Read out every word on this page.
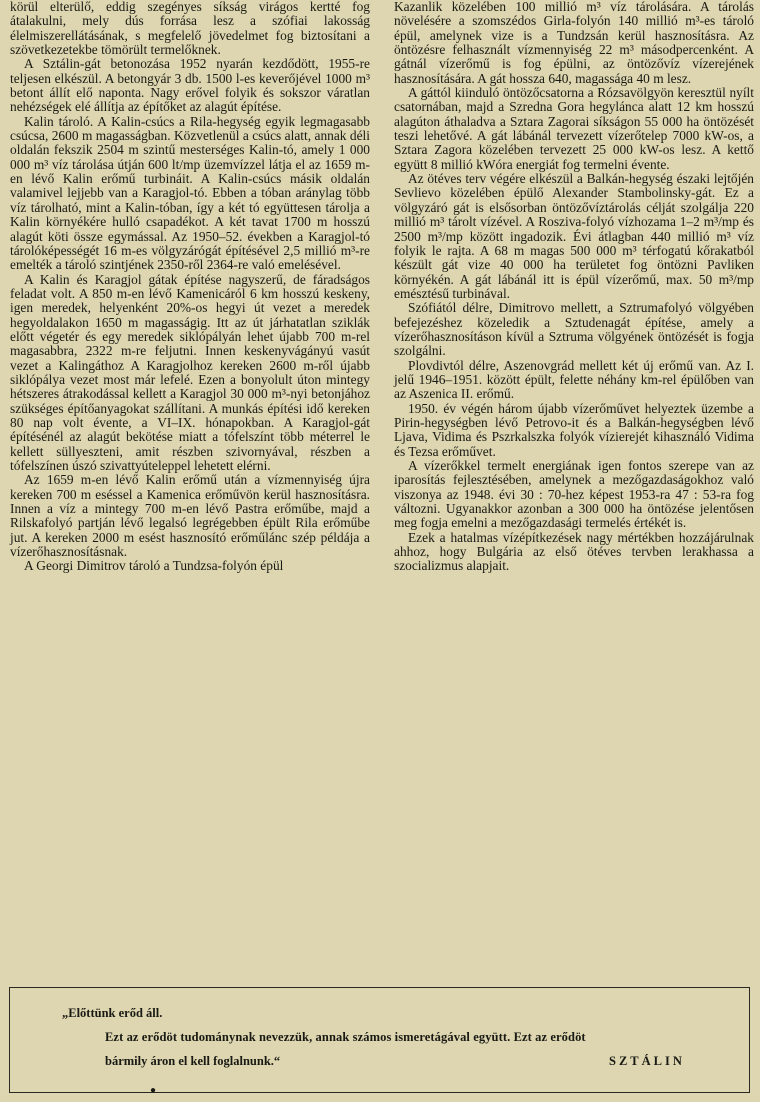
körül elterülő, eddig szegényes síkság virágos kertté fog átalakulni, mely dús forrása lesz a szófiai lakosság élelmiszerellátásának, s megfelelő jövedelmet fog biztosítani a szövetkezetekbe tömörült termelőknek.

A Sztálin-gát betonozása 1952 nyarán kezdődött, 1955-re teljesen elkészül. A betongyár 3 db. 1500 l-es keverőjével 1000 m³ betont állít elő naponta. Nagy erővel folyik és sokszor váratlan nehézségek elé állítja az építőket az alagút építése.

Kalin tároló. A Kalin-csúcs a Rila-hegység egyik legmagasabb csúcsa, 2600 m magasságban. Közvetlenül a csúcs alatt, annak déli oldalán fekszik 2504 m szintű mesterséges Kalin-tó, amely 1 000 000 m³ víz tárolása útján 600 lt/mp üzemvízzel látja el az 1659 m-en lévő Kalin erőmű turbináit. A Kalin-csúcs másik oldalán valamivel lejjebb van a Karagjol-tó. Ebben a tóban aránylag több víz tárolható, mint a Kalin-tóban, így a két tó együttesen tárolja a Kalin környékére hulló csapadékot. A két tavat 1700 m hosszú alagút köti össze egymással. Az 1950–52. években a Karagjol-tó tárolóképességét 16 m-es völgyzárógát építésével 2,5 millió m³-re emelték a tároló szintjének 2350-ről 2364-re való emelésével.

A Kalin és Karagjol gátak építése nagyszerű, de fáradságos feladat volt. A 850 m-en lévő Kamenicáról 6 km hosszú keskeny, igen meredek, helyenként 20%-os hegyi út vezet a meredek hegyoldalakon 1650 m magasságig. Itt az út járhatatlan sziklák előtt végetér és egy meredek siklópályán lehet újabb 700 m-rel magasabbra, 2322 m-re feljutni. Innen keskenyvágányú vasút vezet a Kalingáthoz A Karagjolhoz kereken 2600 m-ről újabb siklópálya vezet most már lefelé. Ezen a bonyolult úton mintegy hétszeres átrakodással kellett a Karagjol 30 000 m³-nyi betonjához szükséges építőanyagokat szállítani. A munkás építési idő kereken 80 nap volt évente, a VI–IX. hónapokban. A Karagjol-gát építésénél az alagút bekötése miatt a tófelszínt több méterrel le kellett süllyeszteni, amit részben szivornyával, részben a tófelszínen úszó szivattyúteleppel lehetett elérni.

Az 1659 m-en lévő Kalin erőmű után a vízmennyiség újra kereken 700 m eséssel a Kamenica erőművön kerül hasznosításra. Innen a víz a mintegy 700 m-en lévő Pastra erőműbe, majd a Rilskafolyó partján lévő legalsó legrégebben épült Rila erőműbe jut. A kereken 2000 m esést hasznosító erőműlánc szép példája a vízerőhasznosításnak.

A Georgi Dimitrov tároló a Tundzsa-folyón épül

Kazanlik közelében 100 millió m³ víz tárolására. A tárolás növelésére a szomszédos Girla-folyón 140 millió m³-es tároló épül, amelynek vize is a Tundzsán kerül hasznosításra. Az öntözésre felhasznált vízmennyiség 22 m³ másodpercenként. A gátnál vízerőmű is fog épülni, az öntözővíz vízerejének hasznosítására. A gát hossza 640, magassága 40 m lesz.

A gáttól kiinduló öntözőcsatorna a Rózsavölgyön keresztül nyílt csatornában, majd a Szredna Gora hegyláncа alatt 12 km hosszú alagúton áthaladva a Sztara Zagorai síkságon 55 000 ha öntözését teszi lehetővé. A gát lábánál tervezett vízerőtelep 7000 kW-os, a Sztara Zagora közelében tervezett 25 000 kW-os lesz. A kettő együtt 8 millió kWóra energiát fog termelni évente.

Az ötéves terv végére elkészül a Balkán-hegység északi lejtőjén Sevlievo közelében épülő Alexander Stambolinsky-gát. Ez a völgyzáró gát is elsősorban öntözővíztárolás célját szolgálja 220 millió m³ tárolt vízével. A Rosziva-folyó vízhozama 1–2 m³/mp és 2500 m³/mp között ingadozik. Évi átlagban 440 millió m³ víz folyik le rajta. A 68 m magas 500 000 m³ térfogatú kőrakatból készült gát vize 40 000 ha területet fog öntözni Pavliken környékén. A gát lábánál itt is épül vízerőmű, max. 50 m³/mp emésztésű turbinával.

Szófiától délre, Dimitrovo mellett, a Sztrumafolyó völgyében befejezéshez közeledik a Sztudenagát építése, amely a vízerőhasznosításon kívül a Sztruma völgyének öntözését is fogja szolgálni.

Plovdivtól délre, Aszenovgrád mellett két új erőmű van. Az I. jelű 1946–1951. között épült, felette néhány km-rel épülőben van az Aszenica II. erőmű.

1950. év végén három újabb vízerőművet helyeztek üzembe a Pirin-hegységben lévő Petrovo-it és a Balkán-hegységben lévő Ljava, Vidima és Pszrkalszka folyók vízierejét kihasználó Vidima és Tezsa erőművet.

A vízerőkkel termelt energiának igen fontos szerepe van az iparosítás fejlesztésében, amelynek a mezőgazdaságokhoz való viszonya az 1948. évi 30 : 70-hez képest 1953-ra 47 : 53-ra fog változni. Ugyanakkor azonban a 300 000 ha öntözése jelentősen meg fogja emelni a mezőgazdasági termelés értékét is.

Ezek a hatalmas vízépítkezések nagy mértékben hozzájárulnak ahhoz, hogy Bulgária az első ötéves tervben lerakhassa a szocializmus alapjait.

„Előttünk erőd áll.
Ezt az erődöt tudománynak nevezzük, annak számos ismeretágával együtt. Ezt az erődöt
bármily áron el kell foglalnunk.“	SZTÁLIN
●
